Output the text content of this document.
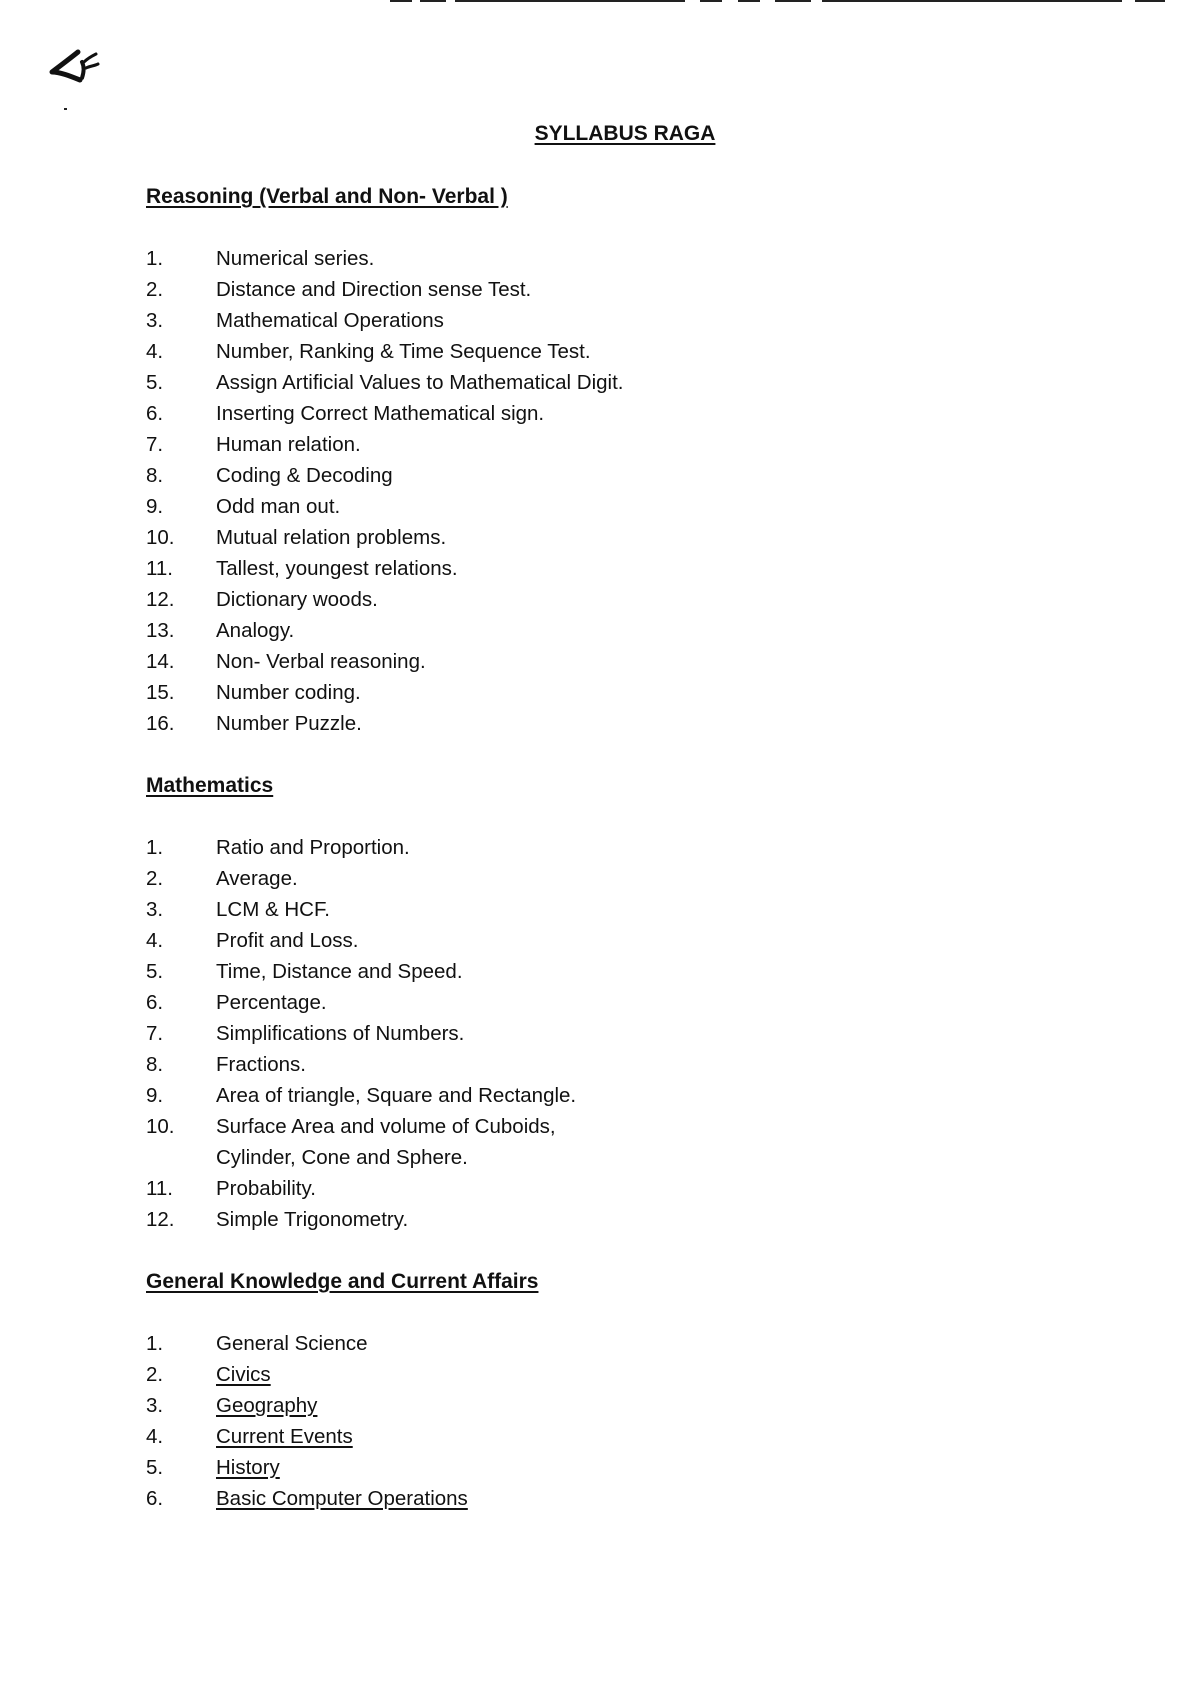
SYLLABUS RAGA
Reasoning (Verbal and Non- Verbal )
1.	Numerical series.
2.	Distance and Direction sense Test.
3.	Mathematical Operations
4.	Number, Ranking & Time Sequence Test.
5.	Assign Artificial Values to Mathematical Digit.
6.	Inserting Correct Mathematical sign.
7.	Human relation.
8.	Coding & Decoding
9.	Odd man out.
10.	Mutual relation problems.
11.	Tallest, youngest relations.
12.	Dictionary woods.
13.	Analogy.
14.	Non- Verbal reasoning.
15.	Number coding.
16.	Number Puzzle.
Mathematics
1.	Ratio and Proportion.
2.	Average.
3.	LCM & HCF.
4.	Profit and Loss.
5.	Time, Distance and Speed.
6.	Percentage.
7.	Simplifications of Numbers.
8.	Fractions.
9.	Area of triangle, Square and Rectangle.
10.	Surface Area and volume of Cuboids,
Cylinder, Cone and Sphere.
11.	Probability.
12.	Simple Trigonometry.
General Knowledge and Current Affairs
1.	General Science
2.	Civics
3.	Geography
4.	Current Events
5.	History
6.	Basic Computer Operations
